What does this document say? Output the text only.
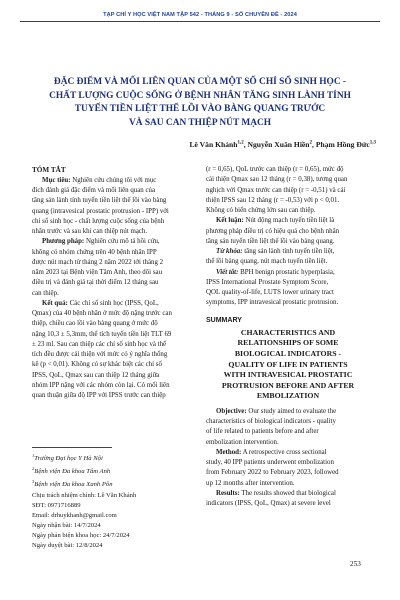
TẠP CHÍ Y HỌC VIỆT NAM TẬP 542 - THÁNG 9 - SỐ CHUYÊN ĐỀ - 2024
ĐẶC ĐIỂM VÀ MỐI LIÊN QUAN CỦA MỘT SỐ CHỈ SỐ SINH HỌC -
CHẤT LƯỢNG CUỘC SỐNG Ở BỆNH NHÂN TĂNG SINH LÀNH TÍNH
TUYẾN TIỀN LIỆT THỂ LỒI VÀO BÀNG QUANG TRƯỚC
VÀ SAU CAN THIỆP NÚT MẠCH
Lê Văn Khánh$^{1,2}$, Nguyễn Xuân Hiền$^2$, Phạm Hồng Đức$^{1,3}$
TÓM TẮT
Mục tiêu: Nghiên cứu chúng tôi với mục
đích đánh giá đặc điểm và mối liên quan của
tăng sản lành tính tuyến tiền liệt thể lồi vào bàng
quang (intravesical prostatic protrusion - IPP) với
chỉ số sinh học - chất lượng cuộc sống của bệnh
nhân trước và sau khi can thiệp nút mạch.
Phương pháp: Nghiên cứu mô tả hồi cứu,
không có nhóm chứng trên 40 bệnh nhân IPP
được nút mạch từ tháng 2 năm 2022 tới tháng 2
năm 2023 tại Bệnh viện Tâm Anh, theo dõi sau
điều trị và đánh giá tại thời điểm 12 tháng sau
can thiệp.
Kết quả: Các chỉ số sinh học (IPSS, QoL,
Qmax) của 40 bệnh nhân ở mức độ nặng trước can
thiệp, chiều cao lồi vào bàng quang ở mức độ
nặng 10,3 ± 5,3mm, thể tích tuyến tiền liệt TLT 69
± 23 ml. Sau can thiệp các chỉ số sinh học và thể
tích đều được cải thiện với mức có ý nghĩa thống
kê (p < 0,01). Không có sự khác biệt các chỉ số
IPSS, QoL, Qmax sau can thiệp 12 tháng giữa
nhóm IPP nặng với các nhóm còn lại. Có mối liên
quan thuận giữa độ IPP với IPSS trước can thiệp
(r = 0,65), QoL trước can thiệp (r = 0,65), mức độ
cải thiện Qmax sau 12 tháng (r = 0,38), tương quan
nghịch với Qmax trước can thiệp (r = -0,51) và cải
thiện IPSS sau 12 tháng (r = -0,53) với p < 0,01.
Không có biến chứng lớn sau can thiệp.
Kết luận: Nút động mạch tuyến tiền liệt là
phương pháp điều trị có hiệu quả cho bệnh nhân
tăng sản tuyến tiền liệt thể lồi vào bàng quang.
Từ khóa: tăng sản lành tính tuyến tiền liệt,
thể lồi bàng quang, nút mạch tuyến tiền liệt.
Viết tắt: BPH benign prostatic hyperplasia,
IPSS International Prostate Symptom Score,
QOL quality-of-life, LUTS lower urinary tract
symptoms, IPP intravesical prostatic protrusion.
SUMMARY
CHARACTERISTICS AND
RELATIONSHIPS OF SOME
BIOLOGICAL INDICATORS -
QUALITY OF LIFE IN PATIENTS
WITH INTRAVESICAL PROSTATIC
PROTRUSION BEFORE AND AFTER
EMBOLIZATION
Objective: Our study aimed to evaluate the
characteristics of biological indicators - quality
of life related to patients before and after
embolization intervention.
Method: A retrospective cross sectional
study, 40 IPP patients underwent embolization
from February 2022 to February 2023, followed
up 12 months after intervention.
Results: The results showed that biological
indicators (IPSS, QoL, Qmax) at severe level
$^1$Trường Đại học Y Hà Nội
$^2$Bệnh viện Đa khoa Tâm Anh
$^3$Bệnh viện Đa khoa Xanh Pôn
Chịu trách nhiệm chính: Lê Văn Khánh
SĐT: 0971716889
Email: drhuykhanh@gmail.com
Ngày nhận bài: 14/7/2024
Ngày phản biện khoa học: 24/7/2024
Ngày duyệt bài: 12/8/2024
253
